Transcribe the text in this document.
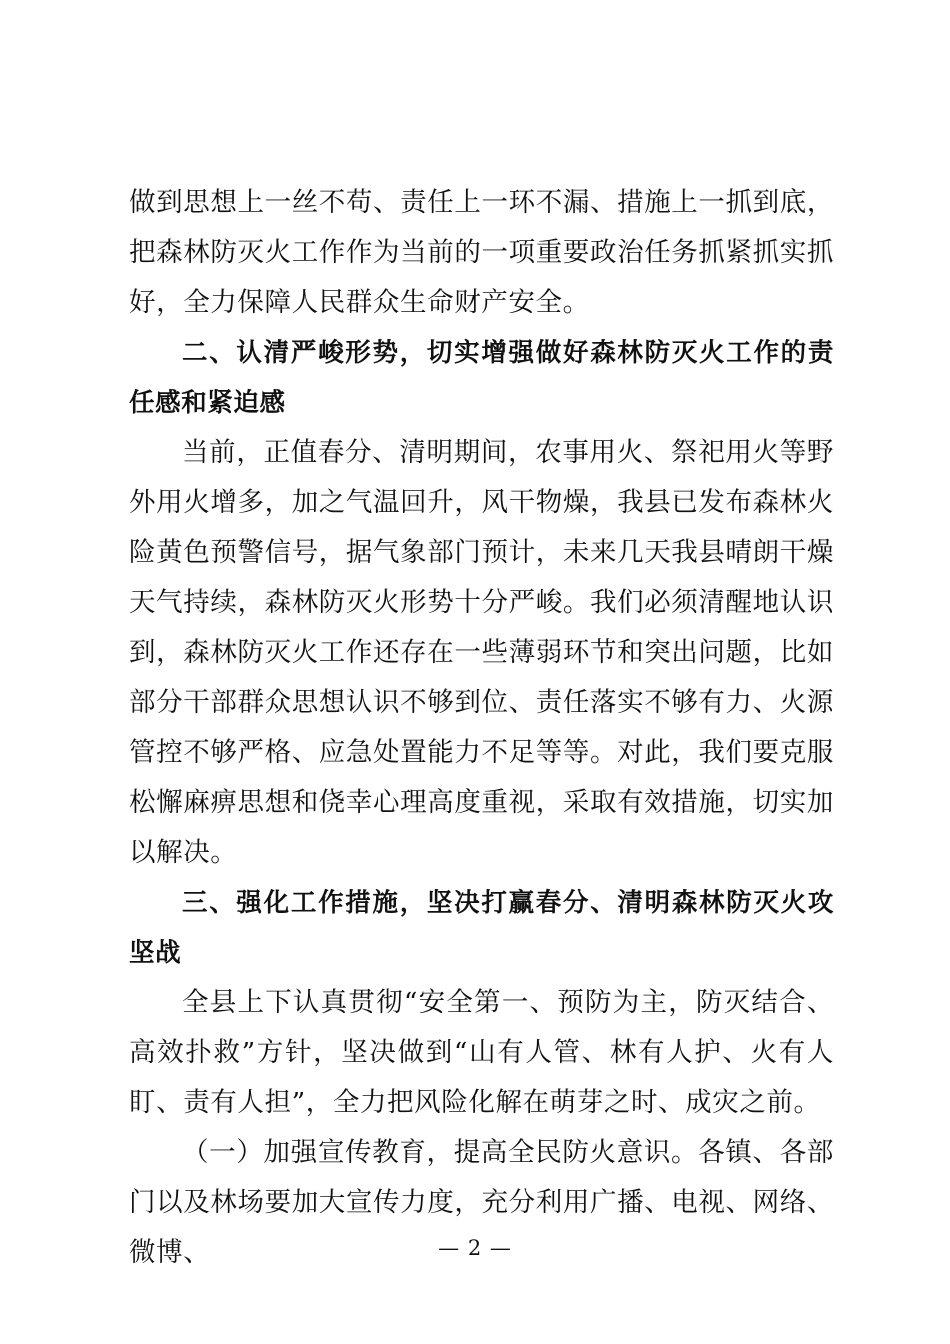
做到思想上一丝不苟、责任上一环不漏、措施上一抓到底，把森林防灭火工作作为当前的一项重要政治任务抓紧抓实抓好，全力保障人民群众生命财产安全。

二、认清严峻形势，切实增强做好森林防灭火工作的责任感和紧迫感

当前，正值春分、清明期间，农事用火、祭祀用火等野外用火增多，加之气温回升，风干物燥，我县已发布森林火险黄色预警信号，据气象部门预计，未来几天我县晴朗干燥天气持续，森林防灭火形势十分严峻。我们必须清醒地认识到，森林防灭火工作还存在一些薄弱环节和突出问题，比如部分干部群众思想认识不够到位、责任落实不够有力、火源管控不够严格、应急处置能力不足等等。对此，我们要克服松懈麻痹思想和侥幸心理高度重视，采取有效措施，切实加以解决。

三、强化工作措施，坚决打赢春分、清明森林防灭火攻坚战

全县上下认真贯彻“安全第一、预防为主，防灭结合、高效扑救”方针，坚决做到“山有人管、林有人护、火有人盯、责有人担”，全力把风险化解在萌芽之时、成灾之前。

（一）加强宣传教育，提高全民防火意识。各镇、各部门以及林场要加大宣传力度，充分利用广播、电视、网络、微博、	— 2 —
